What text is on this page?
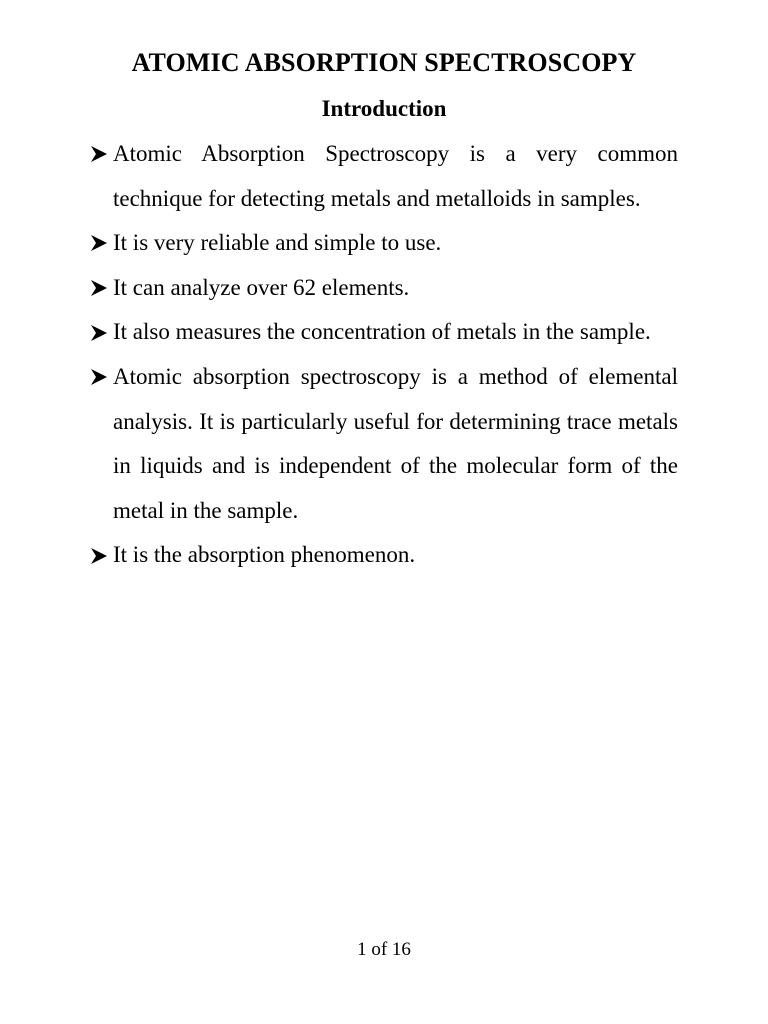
ATOMIC ABSORPTION SPECTROSCOPY
Introduction
Atomic Absorption Spectroscopy is a very common technique for detecting metals and metalloids in samples.
It is very reliable and simple to use.
It can analyze over 62 elements.
It also measures the concentration of metals in the sample.
Atomic absorption spectroscopy is a method of elemental analysis. It is particularly useful for determining trace metals in liquids and is independent of the molecular form of the metal in the sample.
It is the absorption phenomenon.
1 of 16
